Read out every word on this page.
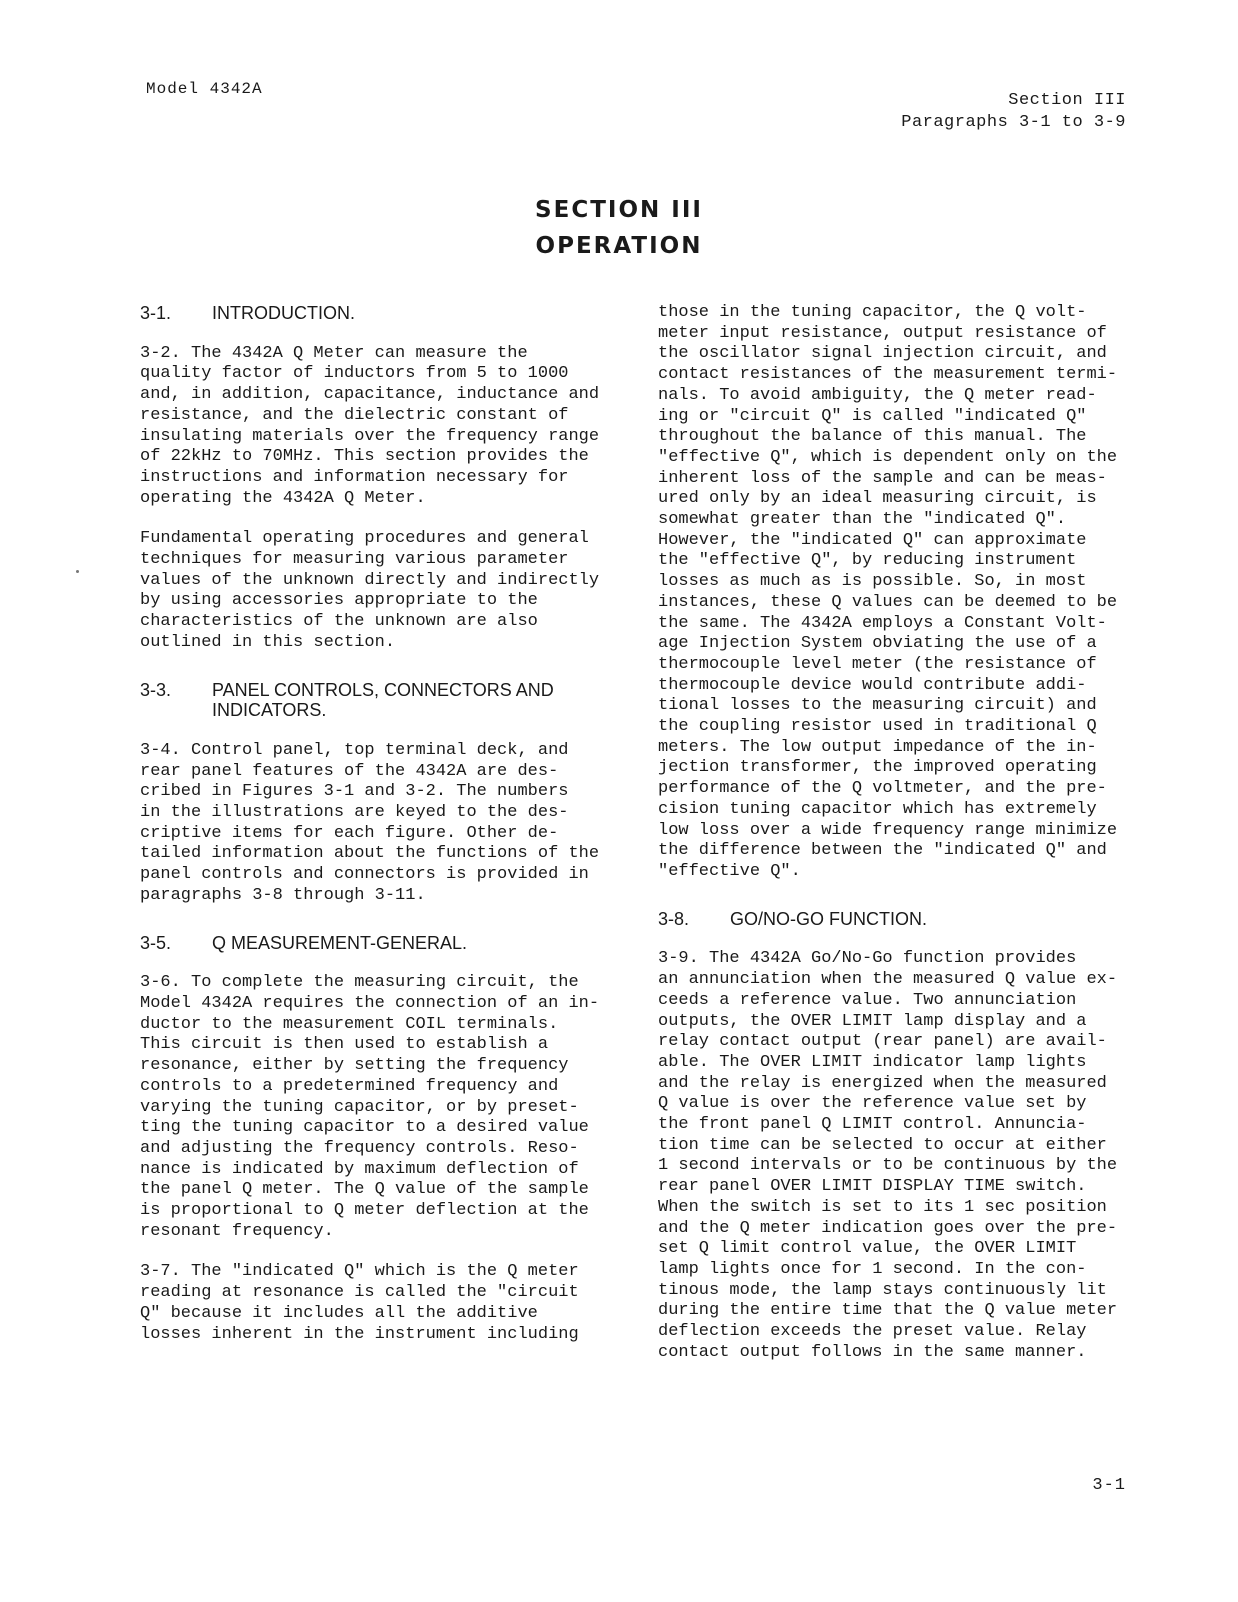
Model 4342A
Section III
Paragraphs 3-1 to 3-9
SECTION III
OPERATION
3-1. INTRODUCTION.

3-2. The 4342A Q Meter can measure the
quality factor of inductors from 5 to 1000
and, in addition, capacitance, inductance and
resistance, and the dielectric constant of
insulating materials over the frequency range
of 22kHz to 70MHz. This section provides the
instructions and information necessary for
operating the 4342A Q Meter.

Fundamental operating procedures and general
techniques for measuring various parameter
values of the unknown directly and indirectly
by using accessories appropriate to the
characteristics of the unknown are also
outlined in this section.

3-3.	PANEL CONTROLS, CONNECTORS AND
INDICATORS.

3-4. Control panel, top terminal deck, and
rear panel features of the 4342A are des-
cribed in Figures 3-1 and 3-2. The numbers
in the illustrations are keyed to the des-
criptive items for each figure. Other de-
tailed information about the functions of the
panel controls and connectors is provided in
paragraphs 3-8 through 3-11.

3-5. Q MEASUREMENT-GENERAL.

3-6. To complete the measuring circuit, the
Model 4342A requires the connection of an in-
ductor to the measurement COIL terminals.
This circuit is then used to establish a
resonance, either by setting the frequency
controls to a predetermined frequency and
varying the tuning capacitor, or by preset-
ting the tuning capacitor to a desired value
and adjusting the frequency controls. Reso-
nance is indicated by maximum deflection of
the panel Q meter. The Q value of the sample
is proportional to Q meter deflection at the
resonant frequency.

3-7. The "indicated Q" which is the Q meter
reading at resonance is called the "circuit
Q" because it includes all the additive
losses inherent in the instrument including

those in the tuning capacitor, the Q volt-
meter input resistance, output resistance of
the oscillator signal injection circuit, and
contact resistances of the measurement termi-
nals. To avoid ambiguity, the Q meter read-
ing or "circuit Q" is called "indicated Q"
throughout the balance of this manual. The
"effective Q", which is dependent only on the
inherent loss of the sample and can be meas-
ured only by an ideal measuring circuit, is
somewhat greater than the "indicated Q".
However, the "indicated Q" can approximate
the "effective Q", by reducing instrument
losses as much as is possible. So, in most
instances, these Q values can be deemed to be
the same. The 4342A employs a Constant Volt-
age Injection System obviating the use of a
thermocouple level meter (the resistance of
thermocouple device would contribute addi-
tional losses to the measuring circuit) and
the coupling resistor used in traditional Q
meters. The low output impedance of the in-
jection transformer, the improved operating
performance of the Q voltmeter, and the pre-
cision tuning capacitor which has extremely
low loss over a wide frequency range minimize
the difference between the "indicated Q" and
"effective Q".

3-8. GO/NO-GO FUNCTION.

3-9. The 4342A Go/No-Go function provides
an annunciation when the measured Q value ex-
ceeds a reference value. Two annunciation
outputs, the OVER LIMIT lamp display and a
relay contact output (rear panel) are avail-
able. The OVER LIMIT indicator lamp lights
and the relay is energized when the measured
Q value is over the reference value set by
the front panel Q LIMIT control. Annuncia-
tion time can be selected to occur at either
1 second intervals or to be continuous by the
rear panel OVER LIMIT DISPLAY TIME switch.
When the switch is set to its 1 sec position
and the Q meter indication goes over the pre-
set Q limit control value, the OVER LIMIT
lamp lights once for 1 second. In the con-
tinous mode, the lamp stays continuously lit
during the entire time that the Q value meter
deflection exceeds the preset value. Relay
contact output follows in the same manner.

3-1
